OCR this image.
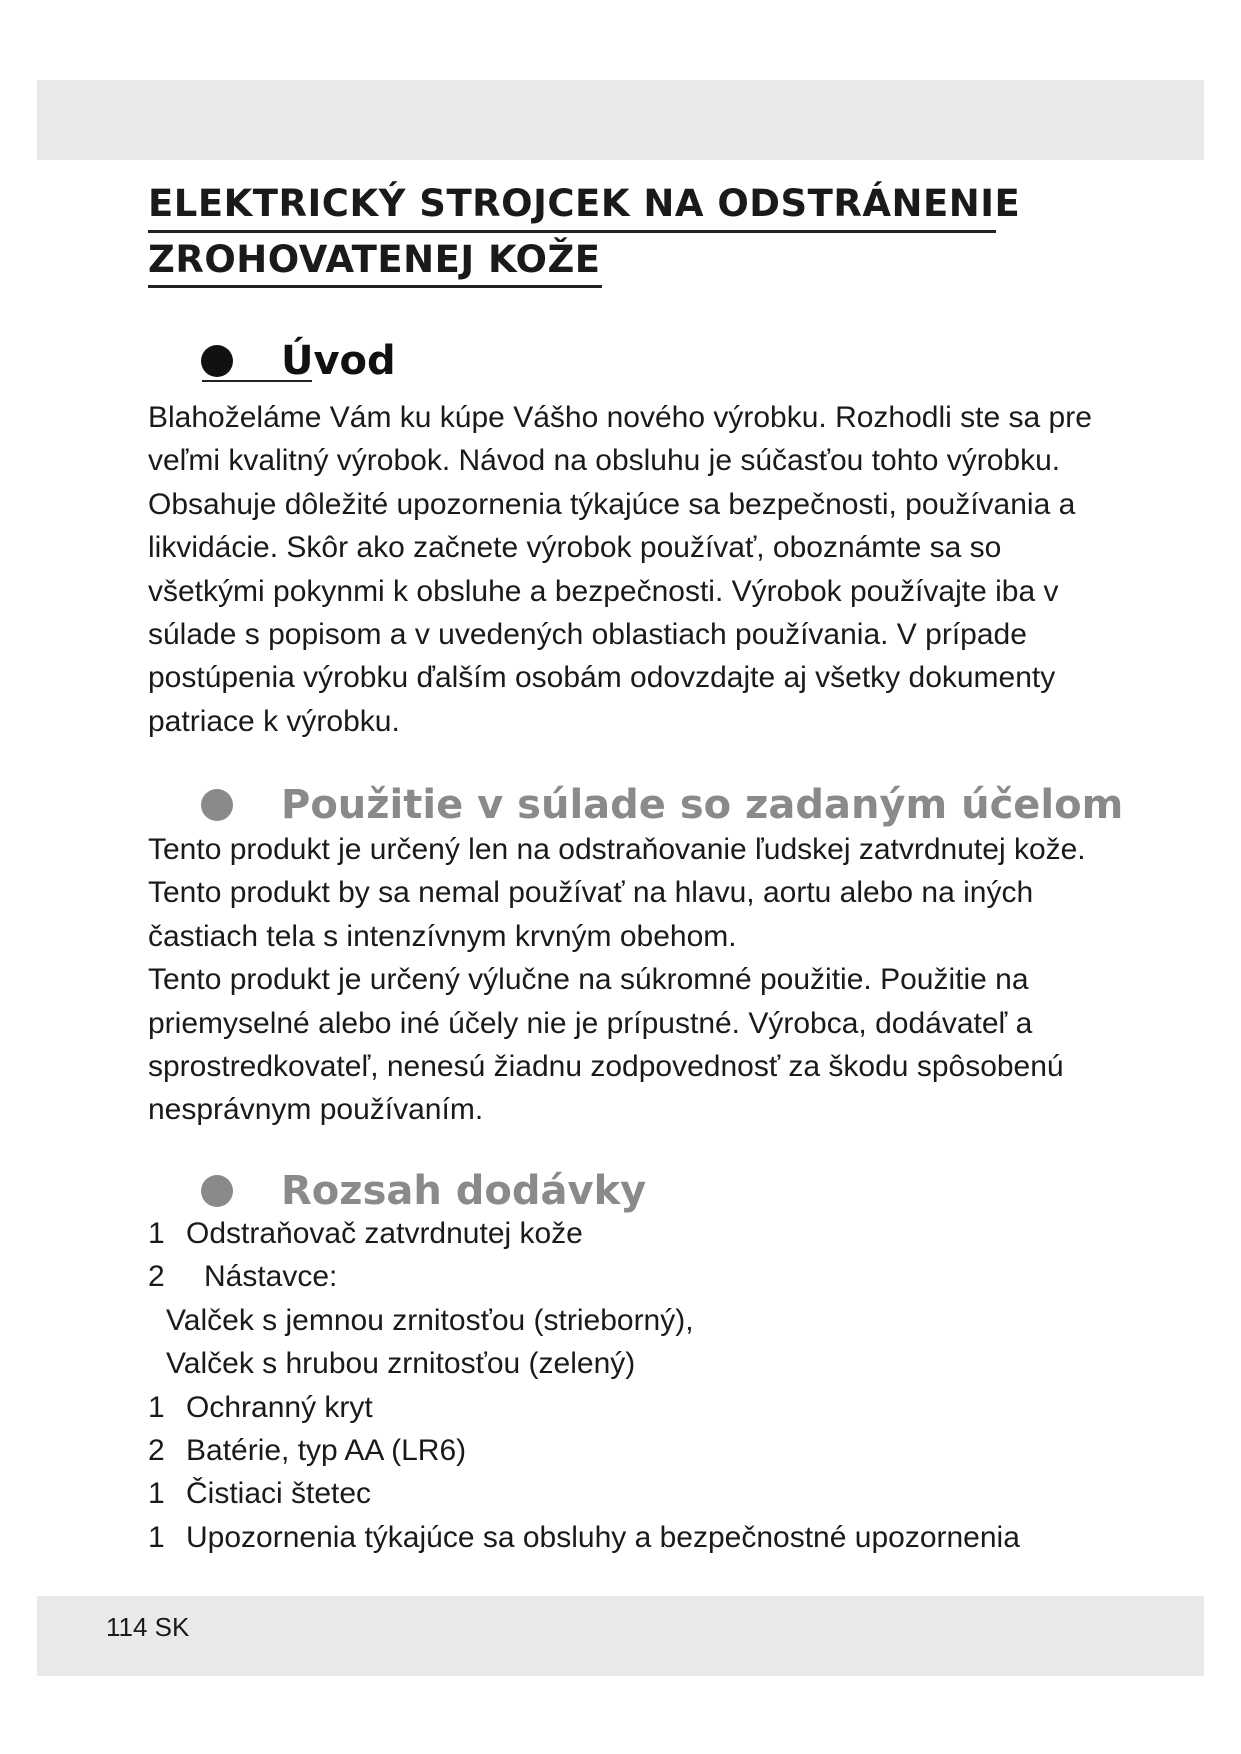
ELEKTRICKÝ STROJCEK NA ODSTRÁNENIE
ZROHOVATENEJ KOŽE
Úvod

Blahoželáme Vám ku kúpe Vášho nového výrobku. Rozhodli ste sa pre veľmi kvalitný výrobok. Návod na obsluhu je súčasťou tohto výrobku. Obsahuje dôležité upozornenia týkajúce sa bezpečnosti, používania a likvidácie. Skôr ako začnete výrobok používať, oboznámte sa so všetkými pokynmi k obsluhe a bezpečnosti. Výrobok používajte iba v súlade s popisom a v uvedených oblastiach používania. V prípade postúpenia výrobku ďalším osobám odovzdajte aj všetky dokumenty patriace k výrobku.

Použitie v súlade so zadaným účelom

Tento produkt je určený len na odstraňovanie ľudskej zatvrdnutej kože. Tento produkt by sa nemal používať na hlavu, aortu alebo na iných častiach tela s intenzívnym krvným obehom.

Tento produkt je určený výlučne na súkromné použitie. Použitie na priemyselné alebo iné účely nie je prípustné. Výrobca, dodávateľ a sprostredkovateľ, nenesú žiadnu zodpovednosť za škodu spôsobenú nesprávnym používaním.

Rozsah dodávky
1 Odstraňovač zatvrdnutej kože
2	Nástavce:
Valček s jemnou zrnitosťou (strieborný),
Valček s hrubou zrnitosťou (zelený)
1 Ochranný kryt
2 Batérie, typ AA (LR6)
1 Čistiaci štetec
1 Upozornenia týkajúce sa obsluhy a bezpečnostné upozornenia
114 SK
